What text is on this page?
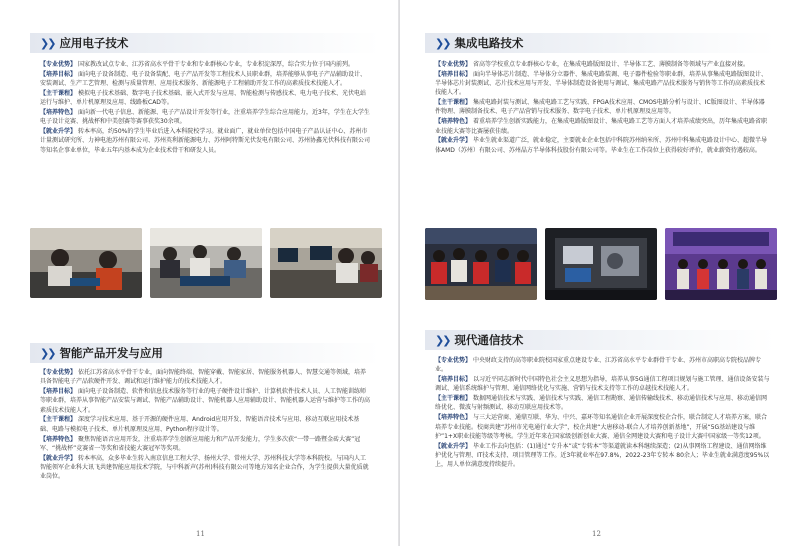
❯❯ 应用电子技术

【专业优势】 国家教改试点专业、江苏省高水平骨干专业和专业群核心专业，专业积淀深厚，综合实力位于国内前列。

【培养目标】 面向电子设备制造、电子设备装配、电子产品开发等工程技术人员职业群，培养能够从事电子产品辅助设计、安装调试、生产工艺管理、检测与质量管理、应用技术服务、新能源电子工程辅助开发工作的高素质技术技能人才。

【主干课程】 模拟电子技术基础、数字电子技术基础、嵌入式开发与应用、智能检测与传感技术、电力电子技术、光伏电站运行与维护、单片机原理及应用、线路板CAD等。

【培养特色】 面向新一代电子信息、新能源、电子产品设计开发等行业，注重培养学生综合应用能力，近3年，学生在大学生电子设计竞赛、挑战杯和中美创赛等赛事获奖30余项。

【就业升学】 转本率高，约50%的学生毕业后进入本科院校学习。就业面广，就业单位包括中国电子产品认证中心、苏州市计量测试研究所、力神电池苏州有限公司、苏州英利新能源电力、苏州阿特斯光伏发电有限公司、苏州协鑫光伏科技有限公司等知名企事业单位，毕业五年内基本成为企业技术骨干和研发人员。

❯❯ 智能产品开发与应用

【专业优势】 依托江苏省高水平骨干专业，面向智能终端、智能穿戴、智能家居、智能服务机器人、智慧交通等领域，培养具备智能电子产品软硬件开发、调试和运行维护能力的技术技能人才。

【培养目标】 面向电子设备制造、软件和信息技术服务等行业的电子硬件设计维护、计算机软件技术人员、人工智能训练师等职业群，培养从事智能产品安装与调试、智能产品辅助设计、智能机器人应用辅助设计、智能机器人运营与维护等工作的高素质技术技能人才。

【主干课程】 深度学习技术应用、基于开源的硬件应用、Android应用开发、智能语音技术与应用、移动互联应用技术基础、电路与模拟电子技术、单片机原理及应用、Python程序设计等。

【培养特色】 聚焦智能语音应用开发，注重培养学生创新应用能力和产品开发能力，学生多次获“一带一路暨金砖大赛”冠军、“挑战杯”竞赛省一等奖和省技能大赛冠军等奖项。

【就业升学】 转本率高，众多毕业生转入南京信息工程大学、扬州大学、常州大学、苏州科技大学等本科院校。与国内人工智能领军企业科大讯飞共建智能应用技术学院，与中科新声(苏州)科技有限公司等地方知名企业合作，为学生提供大量优质就业岗位。

11
❯❯ 集成电路技术

【专业优势】 省高等学校重点专业群核心专业，在集成电路版图设计、半导体工艺、薄膜制备等领域与产业直接对接。

【培养目标】 面向半导体芯片制造、半导体分立器件、集成电路装调、电子器件检验等职业群，培养从事集成电路版图设计、半导体芯片封装测试、芯片技术应用与开发、半导体制造设备使用与调试、集成电路产品技术服务与销售等工作的高素质技术技能人才。

【主干课程】 集成电路封装与测试、集成电路工艺与实践、FPGA技术应用、CMOS电路分析与设计、IC版图设计、半导体器件物理、薄膜制备技术、电子产品营销与技术服务、数字电子技术、单片机原理及应用等。

【培养特色】 着重培养学生创新实践能力，在集成电路版图设计、集成电路工艺等方面人才培养成绩突出，历年集成电路省职业技能大赛等比赛屡获佳绩。

【就业升学】 毕业生就业渠道广泛，就业稳定，主要就业企业包括中科院苏州纳米所、苏州中科集成电路设计中心、超微半导体AMD（苏州）有限公司、苏州晶方半导体科技股份有限公司等。毕业生在工作岗位上获得较好评价，就业薪资待遇较高。

❯❯ 现代通信技术

【专业优势】 中央财政支持的高等职业院校国家重点建设专业、江苏省高水平专业群骨干专业、苏州市高职高专院校品牌专业。

【培养目标】 以习近平同志新时代中国特色社会主义思想为指导，培养从事5G通信工程项目规划与施工管理、通信设备安装与调试、通信系统维护与管理、通信网络优化与实施、营销与技术支持等工作的卓越技术技能人才。

【主干课程】 数据网通信技术与实践、通信技术与实践、通信工程勘察、通信传输线技术、移动通信技术与应用、移动通信网络优化、微波与射频测试、移动互联应用技术等。

【培养特色】 与三大运营商、通鼎互联、华为、中兴、嘉环等知名通信企业开展深度校企合作，联合制定人才培养方案，联合培养专业技能。校商共建“苏州市光电通行业大学”，校企共建“大唐移动-联合人才培养创新基地”，开展“5G基站建设与维护”1+X职业技能等级等考核。学生近年来在国家级创新创业大赛、通信全网建设大赛和电子设计大赛中国家级一等奖12项。

【就业升学】 毕业工作去向包括：(1)通过“专升本”或“专转本”等渠道就读本科继续深造；(2)从事网络工程建设、通信网络维护优化与管理、IT技术支持、项目管理等工作。近3年就业率在97.8%，2022-23年专转本 80余人；毕业生就业满意度95%以上，用人单位满意度持续提升。

12
